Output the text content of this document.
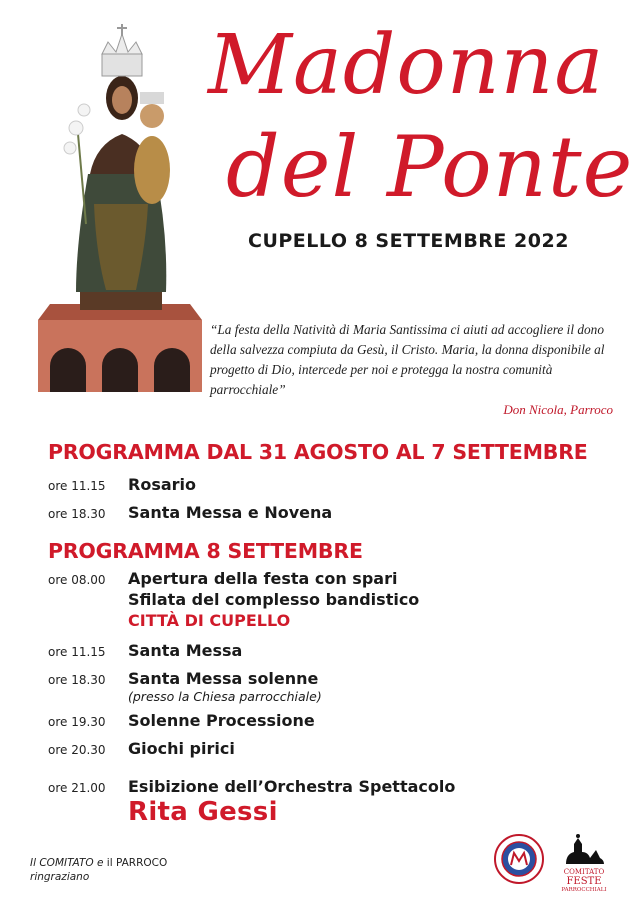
Madonna
del Ponte
CUPELLO 8 SETTEMBRE 2022
“La festa della Natività di Maria Santissima ci aiuti ad accogliere il dono della salvezza compiuta da Gesù, il Cristo. Maria, la donna disponibile al progetto di Dio, intercede per noi e protegga la nostra comunità parrocchiale”
Don Nicola, Parroco
PROGRAMMA DAL 31 AGOSTO AL 7 SETTEMBRE
ore 11.15	Rosario
ore 18.30	Santa Messa e Novena
PROGRAMMA 8 SETTEMBRE
ore 08.00	Apertura della festa con spari
Sfilata del complesso bandistico
CITTÀ DI CUPELLO
ore 11.15	Santa Messa
ore 18.30	Santa Messa solenne
(presso la Chiesa parrocchiale)
ore 19.30	Solenne Processione
ore 20.30	Giochi pirici
ore 21.00	Esibizione dell’Orchestra Spettacolo
Rita Gessi
Il COMITATO e il PARROCO
ringraziano	COMITATO
FESTE
PARROCCHIALI
